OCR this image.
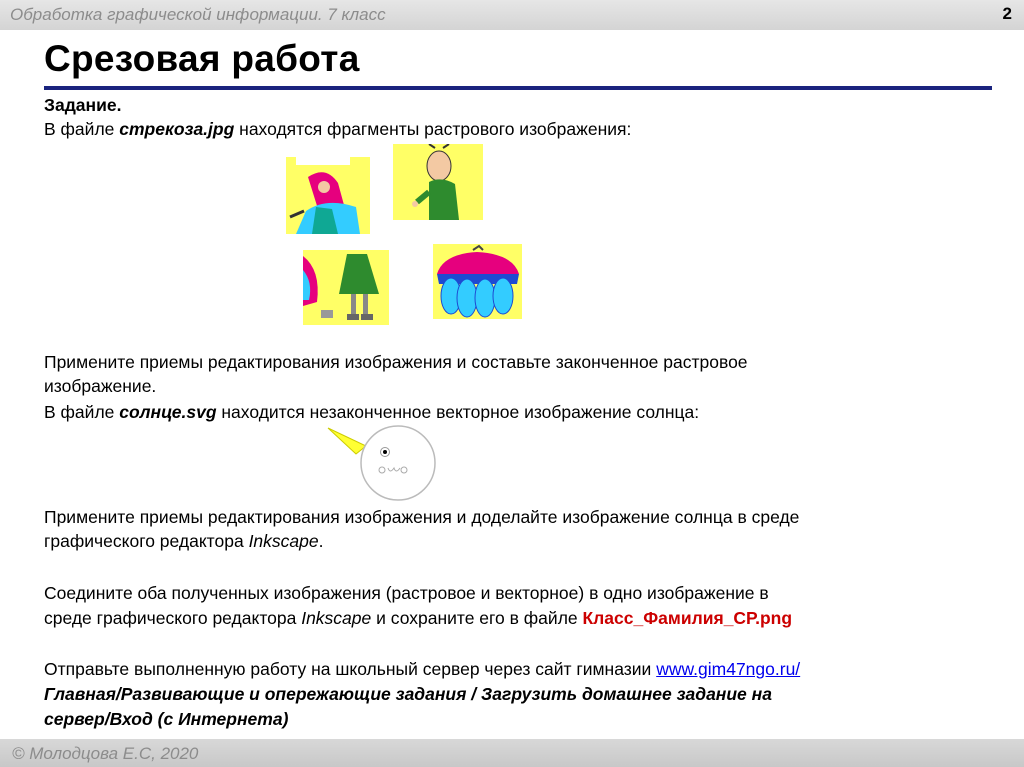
Обработка графической информации. 7 класс	2
Срезовая работа
Задание.
В файле стрекоза.jpg находятся фрагменты растрового изображения:
Примените приемы редактирования изображения и составьте законченное растровое
изображение.
В файле солнце.svg находится незаконченное векторное изображение солнца:
Примените приемы редактирования изображения и доделайте изображение солнца в среде
графического редактора Inkscape.
Соедините оба полученных изображения (растровое и векторное) в одно изображение в
среде графического редактора Inkscape и сохраните его в файле Класс_Фамилия_СР.png
Отправьте выполненную работу на школьный сервер через сайт гимназии www.gim47ngo.ru/
Главная/Развивающие и опережающие задания / Загрузить домашнее задание на
сервер/Вход (с Интернета)
© Молодцова Е.С, 2020
